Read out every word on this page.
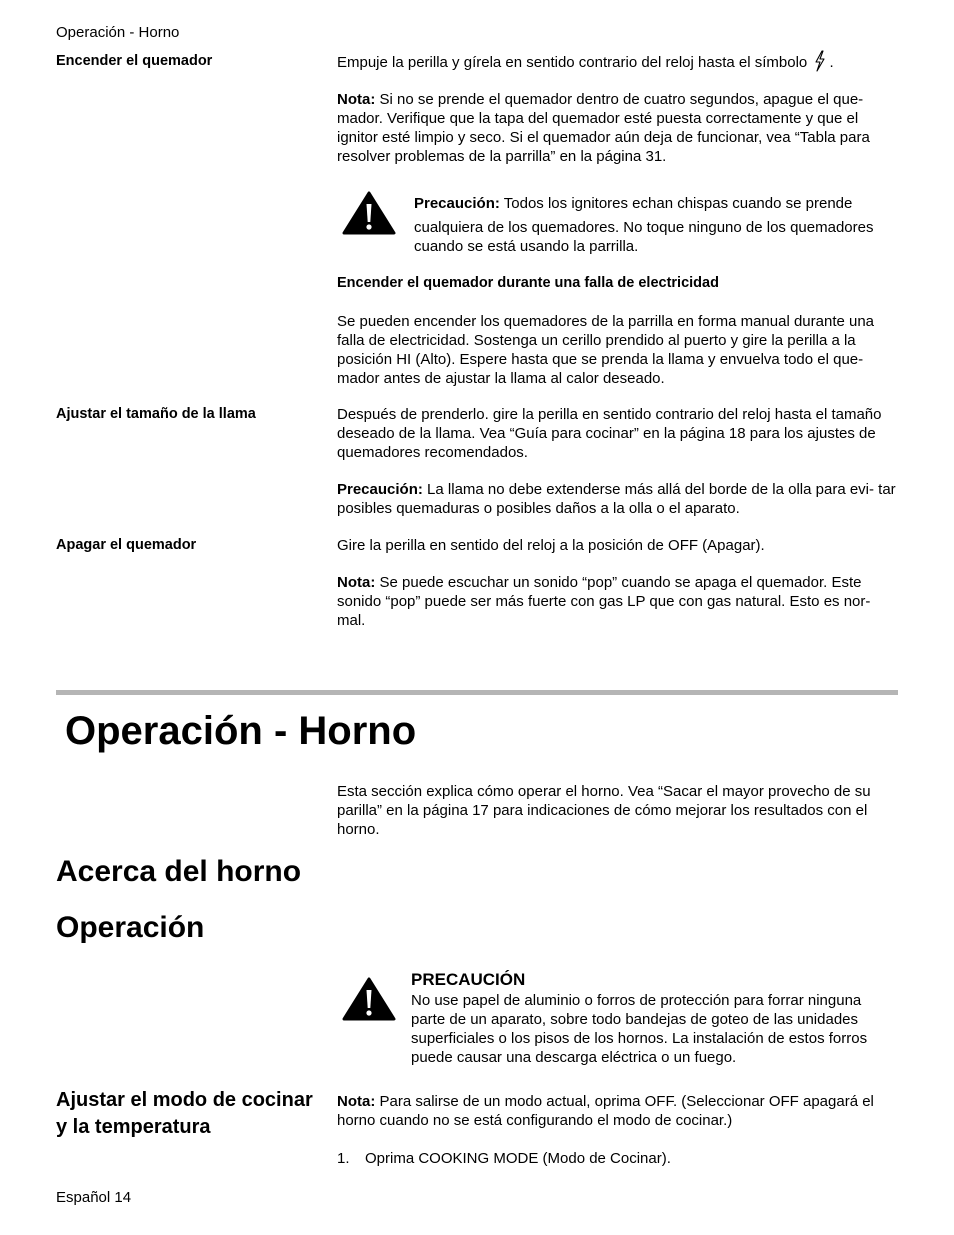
Operación - Horno
Encender el quemador	Empuje la perilla y gírela en sentido contrario del reloj hasta el símbolo .
Nota: Si no se prende el quemador dentro de cuatro segundos, apague el que- mador. Verifique que la tapa del quemador esté puesta correctamente y que el ignitor esté limpio y seco. Si el quemador aún deja de funcionar, vea “Tabla para resolver problemas de la parrilla” en la página 31.
Precaución: Todos los ignitores echan chispas cuando se prende
cualquiera de los quemadores. No toque ninguno de los quemadores cuando se está usando la parrilla.
Encender el quemador durante una falla de electricidad
Se pueden encender los quemadores de la parrilla en forma manual durante una falla de electricidad. Sostenga un cerillo prendido al puerto y gire la perilla a la posición HI (Alto). Espere hasta que se prenda la llama y envuelva todo el que- mador antes de ajustar la llama al calor deseado.
Ajustar el tamaño de la llama	Después de prenderlo. gire la perilla en sentido contrario del reloj hasta el tamaño deseado de la llama. Vea “Guía para cocinar” en la página 18 para los ajustes de quemadores recomendados.
Precaución: La llama no debe extenderse más allá del borde de la olla para evi- tar posibles quemaduras o posibles daños a la olla o el aparato.
Apagar el quemador	Gire la perilla en sentido del reloj a la posición de OFF (Apagar).
Nota: Se puede escuchar un sonido “pop” cuando se apaga el quemador. Este sonido “pop” puede ser más fuerte con gas LP que con gas natural. Esto es nor- mal.
Operación - Horno
Esta sección explica cómo operar el horno. Vea “Sacar el mayor provecho de su parilla” en la página 17 para indicaciones de cómo mejorar los resultados con el horno.
Acerca del horno
Operación
PRECAUCIÓN
No use papel de aluminio o forros de protección para forrar ninguna parte de un aparato, sobre todo bandejas de goteo de las unidades superficiales o los pisos de los hornos. La instalación de estos forros puede causar una descarga eléctrica o un fuego.
Ajustar el modo de cocinar y la temperatura
Nota: Para salirse de un modo actual, oprima OFF. (Seleccionar OFF apagará el horno cuando no se está configurando el modo de cocinar.)
1. Oprima COOKING MODE (Modo de Cocinar).
Español 14
